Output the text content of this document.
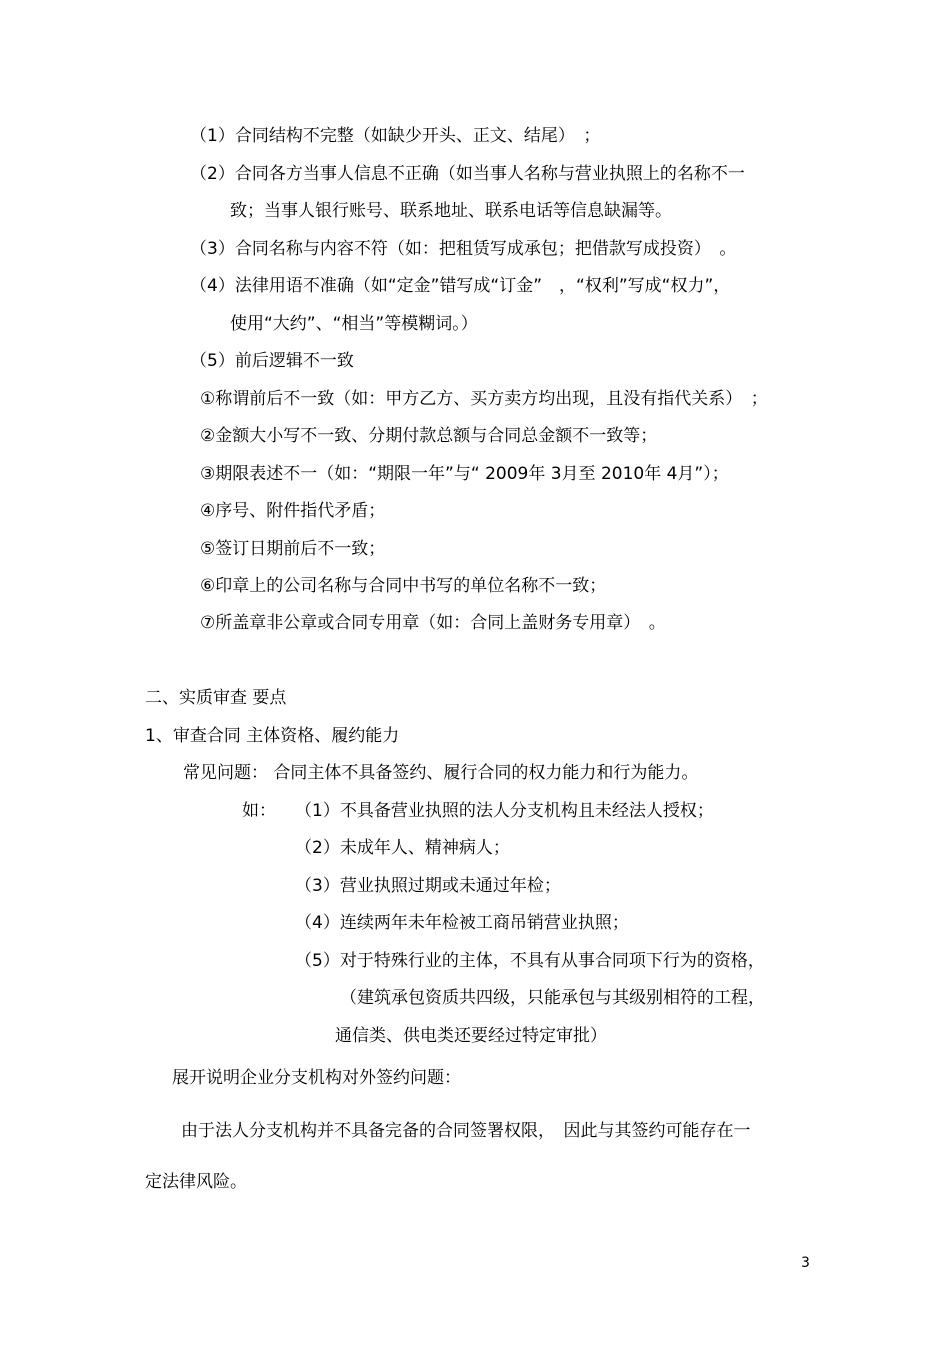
（1）合同结构不完整（如缺少开头、正文、结尾）　；
（2）合同各方当事人信息不正确（如当事人名称与营业执照上的名称不一
致；当事人银行账号、联系地址、联系电话等信息缺漏等。
（3）合同名称与内容不符（如：把租赁写成承包；把借款写成投资）　。
（4）法律用语不准确（如“定金”错写成“订金”　，“权利”写成“权力”，
使用“大约”、“相当”等模糊词。）
（5）前后逻辑不一致
①称谓前后不一致（如：甲方乙方、买方卖方均出现，且没有指代关系）　；
②金额大小写不一致、分期付款总额与合同总金额不一致等；
③期限表述不一（如：“期限一年”与“ 2009年 3月至 2010年 4月”）；
④序号、附件指代矛盾；
⑤签订日期前后不一致；
⑥印章上的公司名称与合同中书写的单位名称不一致；
⑦所盖章非公章或合同专用章（如：合同上盖财务专用章）　。
二、实质审查 要点
1、审查合同 主体资格、履约能力
常见问题： 合同主体不具备签约、履行合同的权力能力和行为能力。
如： （1）不具备营业执照的法人分支机构且未经法人授权；
（2）未成年人、精神病人；
（3）营业执照过期或未通过年检；
（4）连续两年未年检被工商吊销营业执照；
（5）对于特殊行业的主体，不具有从事合同项下行为的资格，
（建筑承包资质共四级，只能承包与其级别相符的工程，
通信类、供电类还要经过特定审批）
展开说明企业分支机构对外签约问题：
由于法人分支机构并不具备完备的合同签署权限，　因此与其签约可能存在一
定法律风险。
3
